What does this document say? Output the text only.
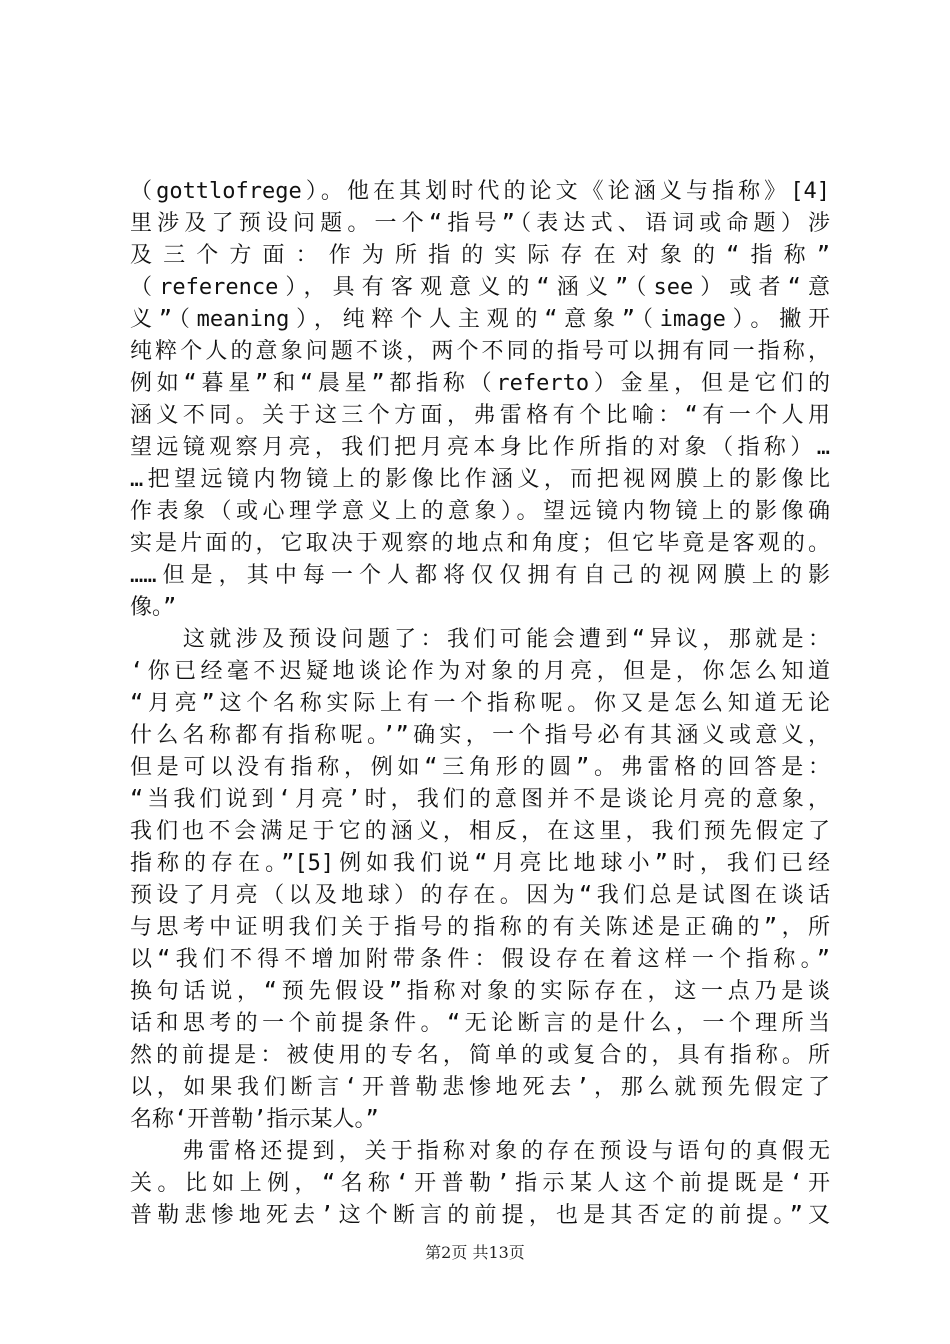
（gottlofrege）。他在其划时代的论文《论涵义与指称》[4]
里涉及了预设问题。一个“指号”（表达式、语词或命题）涉
及三个方面：作为所指的实际存在对象的“指称”
（reference），具有客观意义的“涵义”（see）或者“意
义”（meaning），纯粹个人主观的“意象”（image）。撇开
纯粹个人的意象问题不谈，两个不同的指号可以拥有同一指称，
例如“暮星”和“晨星”都指称（referto）金星，但是它们的
涵义不同。关于这三个方面，弗雷格有个比喻：“有一个人用
望远镜观察月亮，我们把月亮本身比作所指的对象（指称）…
…把望远镜内物镜上的影像比作涵义，而把视网膜上的影像比
作表象（或心理学意义上的意象）。望远镜内物镜上的影像确
实是片面的，它取决于观察的地点和角度；但它毕竟是客观的。
……但是，其中每一个人都将仅仅拥有自己的视网膜上的影
像。”
　　这就涉及预设问题了：我们可能会遭到“异议，那就是：
‘你已经毫不迟疑地谈论作为对象的月亮，但是，你怎么知道
“月亮”这个名称实际上有一个指称呢。你又是怎么知道无论
什么名称都有指称呢。’”确实，一个指号必有其涵义或意义，
但是可以没有指称，例如“三角形的圆”。弗雷格的回答是：
“当我们说到‘月亮’时，我们的意图并不是谈论月亮的意象，
我们也不会满足于它的涵义，相反，在这里，我们预先假定了
指称的存在。”[5]例如我们说“月亮比地球小”时，我们已经
预设了月亮（以及地球）的存在。因为“我们总是试图在谈话
与思考中证明我们关于指号的指称的有关陈述是正确的”，所
以“我们不得不增加附带条件：假设存在着这样一个指称。”
换句话说，“预先假设”指称对象的实际存在，这一点乃是谈
话和思考的一个前提条件。“无论断言的是什么，一个理所当
然的前提是：被使用的专名，简单的或复合的，具有指称。所
以，如果我们断言‘开普勒悲惨地死去’，那么就预先假定了
名称‘开普勒’指示某人。”
　　弗雷格还提到，关于指称对象的存在预设与语句的真假无
关。比如上例，“名称‘开普勒’指示某人这个前提既是‘开
普勒悲惨地死去’这个断言的前提，也是其否定的前提。”又
第2页 共13页
